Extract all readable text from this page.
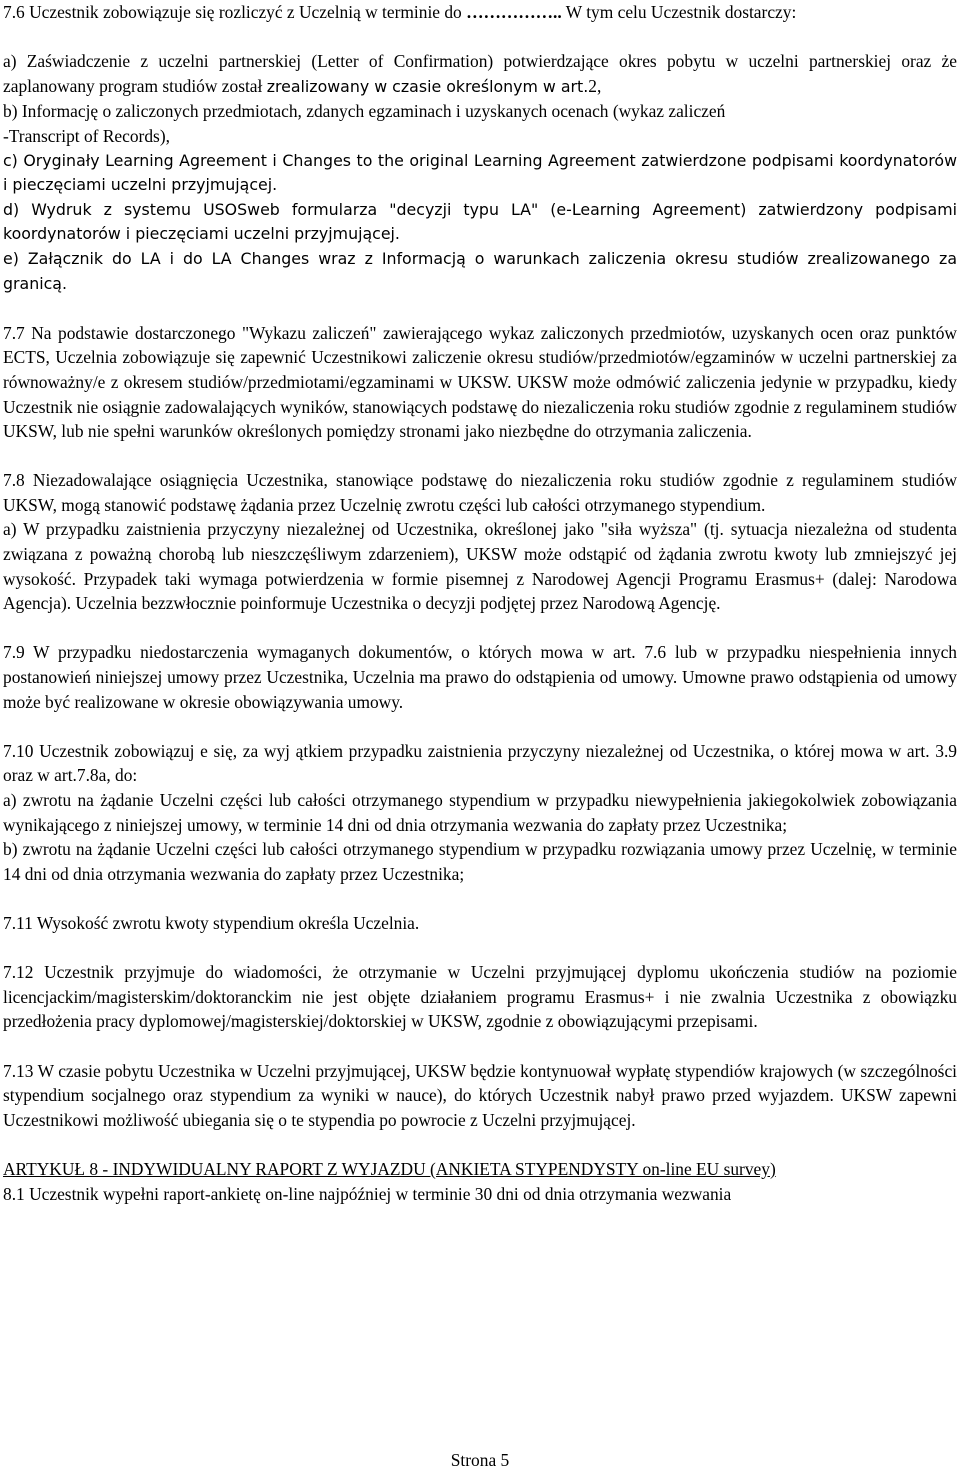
7.6 Uczestnik zobowiązuje się rozliczyć z Uczelnią w terminie do …………….. W tym celu Uczestnik dostarczy:

a) Zaświadczenie z uczelni partnerskiej (Letter of Confirmation) potwierdzające okres pobytu w uczelni partnerskiej oraz że zaplanowany program studiów został zrealizowany w czasie określonym w art.2,

b) Informację o zaliczonych przedmiotach, zdanych egzaminach i uzyskanych ocenach (wykaz zaliczeń
-Transcript of Records),

c) Oryginały Learning Agreement i Changes to the original Learning Agreement zatwierdzone podpisami koordynatorów i pieczęciami uczelni przyjmującej.

d) Wydruk z systemu USOSweb formularza "decyzji typu LA" (e-Learning Agreement) zatwierdzony podpisami koordynatorów i pieczęciami uczelni przyjmującej.

e) Załącznik do LA i do LA Changes wraz z Informacją o warunkach zaliczenia okresu studiów zrealizowanego za granicą.

7.7 Na podstawie dostarczonego "Wykazu zaliczeń" zawierającego wykaz zaliczonych przedmiotów, uzyskanych ocen oraz punktów ECTS, Uczelnia zobowiązuje się zapewnić Uczestnikowi zaliczenie okresu studiów/przedmiotów/egzaminów w uczelni partnerskiej za równoważny/e z okresem studiów/przedmiotami/egzaminami w UKSW. UKSW może odmówić zaliczenia jedynie w przypadku, kiedy Uczestnik nie osiągnie zadowalających wyników, stanowiących podstawę do niezaliczenia roku studiów zgodnie z regulaminem studiów UKSW, lub nie spełni warunków określonych pomiędzy stronami jako niezbędne do otrzymania zaliczenia.

7.8 Niezadowalające osiągnięcia Uczestnika, stanowiące podstawę do niezaliczenia roku studiów zgodnie z regulaminem studiów UKSW, mogą stanowić podstawę żądania przez Uczelnię zwrotu części lub całości otrzymanego stypendium.

a) W przypadku zaistnienia przyczyny niezależnej od Uczestnika, określonej jako "siła wyższa" (tj. sytuacja niezależna od studenta związana z poważną chorobą lub nieszczęśliwym zdarzeniem), UKSW może odstąpić od żądania zwrotu kwoty lub zmniejszyć jej wysokość. Przypadek taki wymaga potwierdzenia w formie pisemnej z Narodowej Agencji Programu Erasmus+ (dalej: Narodowa Agencja). Uczelnia bezzwłocznie poinformuje Uczestnika o decyzji podjętej przez Narodową Agencję.

7.9 W przypadku niedostarczenia wymaganych dokumentów, o których mowa w art. 7.6 lub w przypadku niespełnienia innych postanowień niniejszej umowy przez Uczestnika, Uczelnia ma prawo do odstąpienia od umowy. Umowne prawo odstąpienia od umowy może być realizowane w okresie obowiązywania umowy.

7.10 Uczestnik zobowiązuj e się, za wyj ątkiem przypadku zaistnienia przyczyny niezależnej od Uczestnika, o której mowa w art. 3.9 oraz w art.7.8a, do:

a) zwrotu na żądanie Uczelni części lub całości otrzymanego stypendium w przypadku niewypełnienia jakiegokolwiek zobowiązania wynikającego z niniejszej umowy, w terminie 14 dni od dnia otrzymania wezwania do zapłaty przez Uczestnika;

b) zwrotu na żądanie Uczelni części lub całości otrzymanego stypendium w przypadku rozwiązania umowy przez Uczelnię, w terminie 14 dni od dnia otrzymania wezwania do zapłaty przez Uczestnika;

7.11 Wysokość zwrotu kwoty stypendium określa Uczelnia.

7.12 Uczestnik przyjmuje do wiadomości, że otrzymanie w Uczelni przyjmującej dyplomu ukończenia studiów na poziomie licencjackim/magisterskim/doktoranckim nie jest objęte działaniem programu Erasmus+ i nie zwalnia Uczestnika z obowiązku przedłożenia pracy dyplomowej/magisterskiej/doktorskiej w UKSW, zgodnie z obowiązującymi przepisami.

7.13 W czasie pobytu Uczestnika w Uczelni przyjmującej, UKSW będzie kontynuował wypłatę stypendiów krajowych (w szczególności stypendium socjalnego oraz stypendium za wyniki w nauce), do których Uczestnik nabył prawo przed wyjazdem. UKSW zapewni Uczestnikowi możliwość ubiegania się o te stypendia po powrocie z Uczelni przyjmującej.

ARTYKUŁ 8 - INDYWIDUALNY RAPORT Z WYJAZDU (ANKIETA STYPENDYSTY on-line EU survey)

8.1 Uczestnik wypełni raport-ankietę on-line najpóźniej w terminie 30 dni od dnia otrzymania wezwania

Strona 5
